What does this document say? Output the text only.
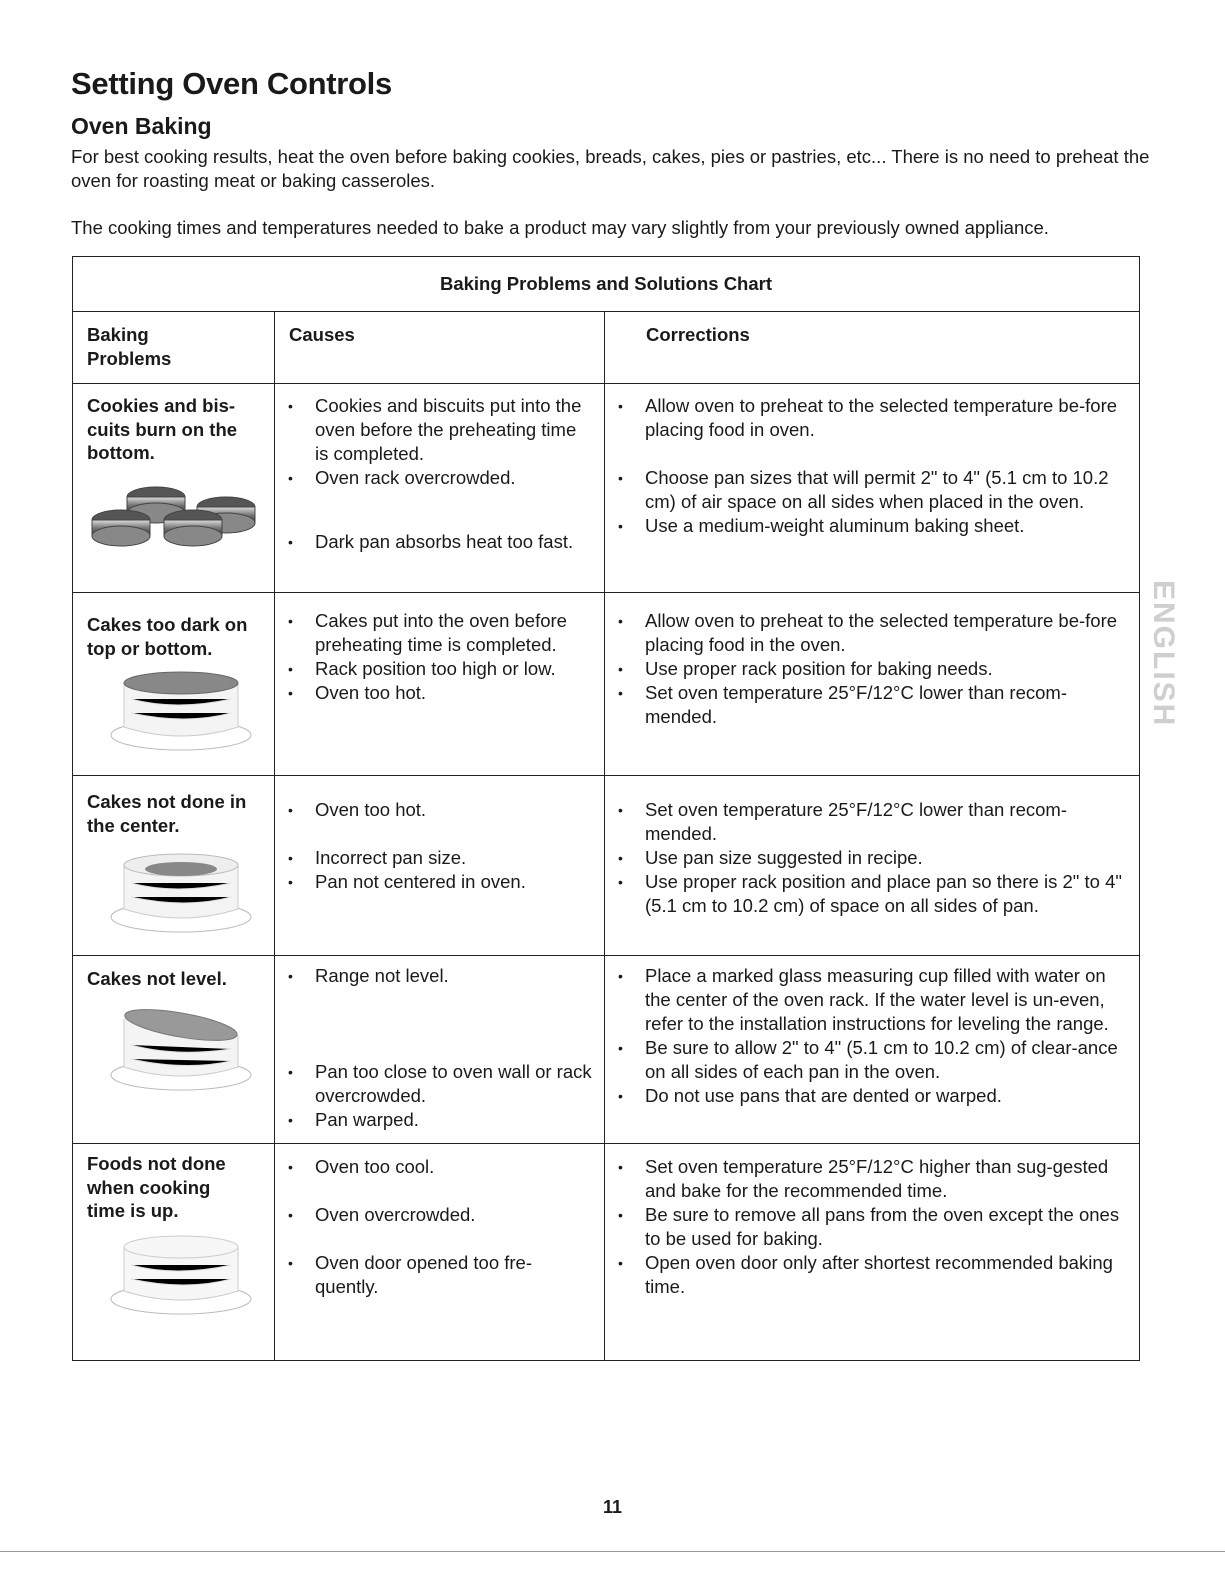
Setting Oven Controls
Oven Baking
For best cooking results, heat the oven before baking cookies, breads, cakes, pies or pastries, etc... There is no need to preheat the oven for roasting meat or baking casseroles.
The cooking times and temperatures needed to bake a product may vary slightly from your previously owned appliance.
Baking Problems and Solutions Chart
Baking Problems
Causes	Corrections
Cookies and bis-
cuits burn on the
bottom.
• Cookies and biscuits put into the oven before the preheating time is completed.
• Oven rack overcrowded.
• Dark pan absorbs heat too fast.
• Allow oven to preheat to the selected temperature be-fore placing food in oven.
• Choose pan sizes that will permit 2" to 4" (5.1 cm to 10.2 cm) of air space on all sides when placed in the oven.
• Use a medium-weight aluminum baking sheet.
Cakes too dark on
top or bottom.
• Cakes put into the oven before preheating time is completed.
• Rack position too high or low.
• Oven too hot.
• Allow oven to preheat to the selected temperature be-fore placing food in the oven.
• Use proper rack position for baking needs.
• Set oven temperature 25°F/12°C lower than recom-mended.
Cakes not done in
the center.
• Oven too hot.
• Incorrect pan size.
• Pan not centered in oven.
• Set oven temperature 25°F/12°C lower than recom-mended.
• Use pan size suggested in recipe.
• Use proper rack position and place pan so there is 2" to 4" (5.1 cm to 10.2 cm) of space on all sides of pan.
Cakes not level.
•	Range not level.
• Pan too close to oven wall or rack overcrowded.
• Pan warped.
• Place a marked glass measuring cup filled with water on the center of the oven rack. If the water level is un-even, refer to the installation instructions for leveling the range.
• Be sure to allow 2" to 4" (5.1 cm to 10.2 cm) of clear-ance on all sides of each pan in the oven.
• Do not use pans that are dented or warped.
Foods not done
when cooking
time is up.
• Oven too cool.
• Oven overcrowded.
• Oven door opened too fre-quently.
• Set oven temperature 25°F/12°C higher than sug-gested and bake for the recommended time.
• Be sure to remove all pans from the oven except the ones to be used for baking.
• Open oven door only after shortest recommended baking time.
ENGLISH
11
